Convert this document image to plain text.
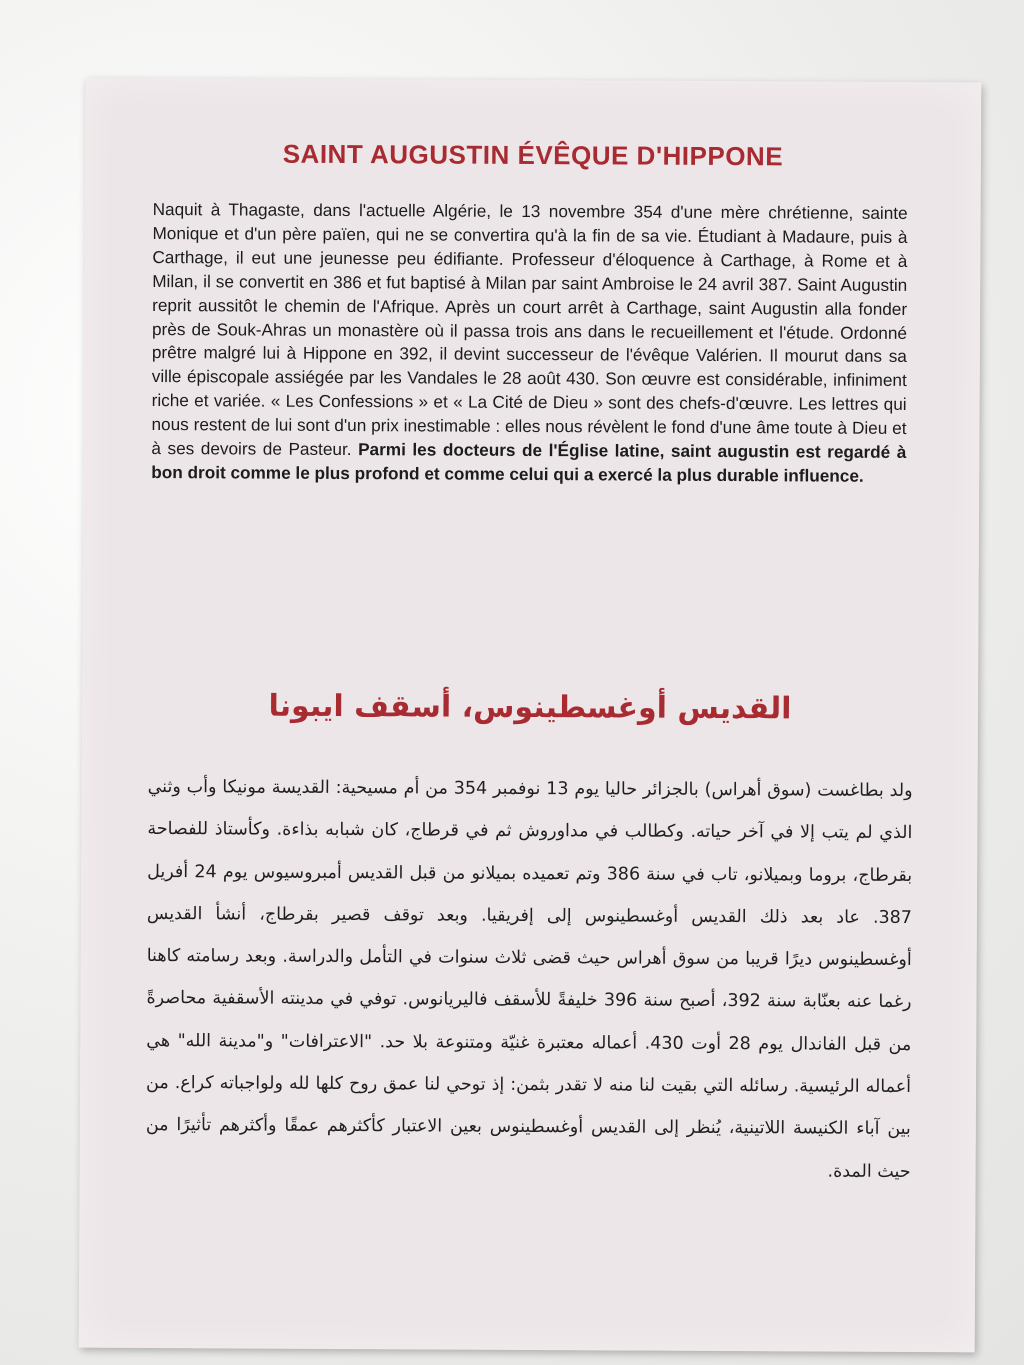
SAINT AUGUSTIN ÉVÊQUE D'HIPPONE

Naquit à Thagaste, dans l'actuelle Algérie, le 13 novembre 354 d'une mère chrétienne, sainte Monique et d'un père païen, qui ne se convertira qu'à la fin de sa vie. Étudiant à Madaure, puis à Carthage, il eut une jeunesse peu édifiante. Professeur d'éloquence à Carthage, à Rome et à Milan, il se convertit en 386 et fut baptisé à Milan par saint Ambroise le 24 avril 387. Saint Augustin reprit aussitôt le chemin de l'Afrique. Après un court arrêt à Carthage, saint Augustin alla fonder près de Souk-Ahras un monastère où il passa trois ans dans le recueillement et l'étude. Ordonné prêtre malgré lui à Hippone en 392, il devint successeur de l'évêque Valérien. Il mourut dans sa ville épiscopale assiégée par les Vandales le 28 août 430. Son œuvre est considérable, infiniment riche et variée. « Les Confessions » et « La Cité de Dieu » sont des chefs-d'œuvre. Les lettres qui nous restent de lui sont d'un prix inestimable : elles nous révèlent le fond d'une âme toute à Dieu et à ses devoirs de Pasteur. Parmi les docteurs de l'Église latine, saint augustin est regardé à bon droit comme le plus profond et comme celui qui a exercé la plus durable influence.

القديس أوغسطينوس، أسقف ايبونا

ولد بطاغست (سوق أهراس) بالجزائر حاليا يوم 13 نوفمبر 354 من أم مسيحية: القديسة مونيكا وأب وثني الذي لم يتب إلا في آخر حياته. وكطالب في مداوروش ثم في قرطاج، كان شبابه بذاءة. وكأستاذ للفصاحة بقرطاج، بروما وبميلانو، تاب في سنة 386 وتم تعميده بميلانو من قبل القديس أمبروسيوس يوم 24 أفريل 387. عاد بعد ذلك القديس أوغسطينوس إلى إفريقيا. وبعد توقف قصير بقرطاج، أنشأ القديس أوغسطينوس ديرًا قريبا من سوق أهراس حيث قضى ثلاث سنوات في التأمل والدراسة. وبعد رسامته كاهنا رغما عنه بعنّابة سنة 392، أصبح سنة 396 خليفةً للأسقف فاليريانوس. توفي في مدينته الأسقفية محاصرةً من قبل الفاندال يوم 28 أوت 430. أعماله معتبرة غنيّة ومتنوعة بلا حد. "الاعترافات" و"مدينة الله" هي أعماله الرئيسية. رسائله التي بقيت لنا منه لا تقدر بثمن: إذ توحي لنا عمق روح كلها لله ولواجباته كراع. من بين آباء الكنيسة اللاتينية، يُنظر إلى القديس أوغسطينوس بعين الاعتبار كأكثرهم عمقًا وأكثرهم تأثيرًا من حيث المدة.
